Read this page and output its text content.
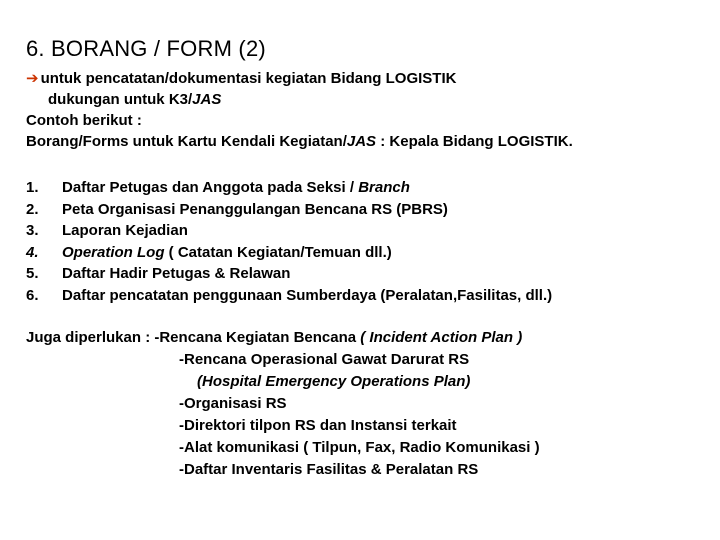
6. BORANG / FORM (2)
➔ untuk pencatatan/dokumentasi kegiatan Bidang LOGISTIK
dukungan untuk K3/JAS
Contoh berikut :
Borang/Forms untuk Kartu Kendali Kegiatan/JAS : Kepala Bidang LOGISTIK.
1.	Daftar Petugas dan Anggota pada Seksi / Branch
2.	Peta Organisasi Penanggulangan Bencana RS (PBRS)
3.	Laporan Kejadian
4.	Operation Log ( Catatan Kegiatan/Temuan dll.)
5.	Daftar Hadir Petugas & Relawan
6.	Daftar pencatatan penggunaan Sumberdaya (Peralatan,Fasilitas, dll.)
Juga diperlukan : -Rencana Kegiatan Bencana ( Incident Action Plan )
-Rencana Operasional Gawat Darurat RS
(Hospital Emergency Operations Plan)
-Organisasi RS
-Direktori tilpon RS dan Instansi terkait
-Alat komunikasi ( Tilpun, Fax, Radio Komunikasi )
-Daftar Inventaris Fasilitas & Peralatan RS
